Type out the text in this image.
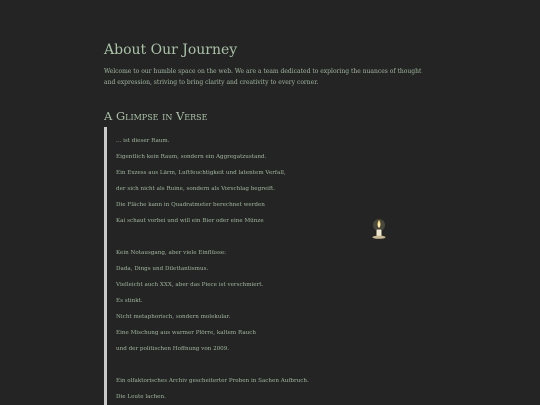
About Our Journey

Welcome to our humble space on the web. We are a team dedicated to exploring the nuances of thought and expression, striving to bring clarity and creativity to every corner.

A Glimpse in Verse
... ist dieser Raum.
Eigentlich kein Raum, sondern ein Aggregatzustand.
Ein Exzess aus Lärm, Luftfeuchtigkeit und latentem Verfall,
der sich nicht als Ruine, sondern als Vorschlag begreift.
Die Fläche kann in Quadratmeter berechnet werden
Kai schaut vorbei und will ein Bier oder eine Münze
Kein Notausgang, aber viele Einflüsse:
Dada, Dings und Dilettantismus.
Vielleicht auch XXX, aber das Piece ist verschmiert.
Es stinkt.
Nicht metaphorisch, sondern molekular.
Eine Mischung aus warmer Plörre, kaltem Rauch
und der politischen Hoffnung von 2009.
Ein olfaktorisches Archiv gescheiterter Proben in Sachen Aufbruch.
Die Leute lachen.
